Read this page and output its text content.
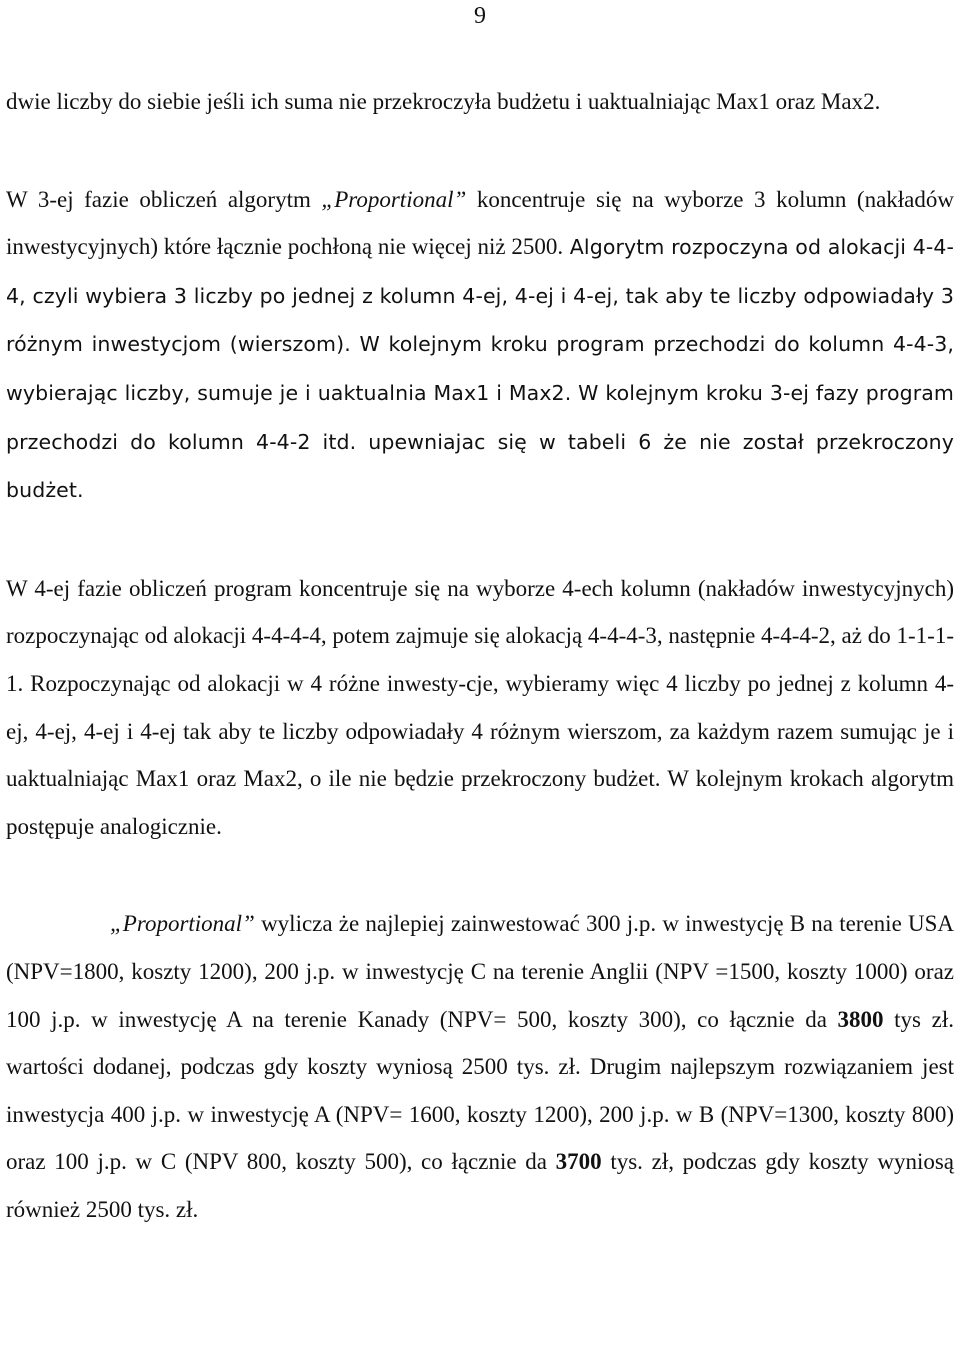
9

dwie liczby do siebie jeśli ich suma nie przekroczyła budżetu i uaktualniając Max1 oraz Max2.

W 3-ej fazie obliczeń algorytm „Proportional” koncentruje się na wyborze 3 kolumn (nakładów inwestycyjnych) które łącznie pochłoną nie więcej niż 2500. Algorytm rozpoczyna od alokacji 4-4-4, czyli wybiera 3 liczby po jednej z kolumn 4-ej, 4-ej i 4-ej, tak aby te liczby odpowiadały 3 różnym inwestycjom (wierszom). W kolejnym kroku program przechodzi do kolumn 4-4-3, wybierając liczby, sumuje je i uaktualnia Max1 i Max2. W kolejnym kroku 3-ej fazy program przechodzi do kolumn 4-4-2 itd. upewniajac się w tabeli 6 że nie został przekroczony budżet.

W 4-ej fazie obliczeń program koncentruje się na wyborze 4-ech kolumn (nakładów inwestycyjnych) rozpoczynając od alokacji 4-4-4-4, potem zajmuje się alokacją 4-4-4-3, następnie 4-4-4-2, aż do 1-1-1-1. Rozpoczynając od alokacji w 4 różne inwesty-cje, wybieramy więc 4 liczby po jednej z kolumn 4-ej, 4-ej, 4-ej i 4-ej tak aby te liczby odpowiadały 4 różnym wierszom, za każdym razem sumując je i uaktualniając Max1 oraz Max2, o ile nie będzie przekroczony budżet. W kolejnym krokach algorytm postępuje analogicznie.

„Proportional” wylicza że najlepiej zainwestować 300 j.p. w inwestycję B na terenie USA (NPV=1800, koszty 1200), 200 j.p. w inwestycję C na terenie Anglii (NPV =1500, koszty 1000) oraz 100 j.p. w inwestycję A na terenie Kanady (NPV= 500, koszty 300), co łącznie da 3800 tys zł. wartości dodanej, podczas gdy koszty wyniosą 2500 tys. zł. Drugim najlepszym rozwiązaniem jest inwestycja 400 j.p. w inwestycję A (NPV= 1600, koszty 1200), 200 j.p. w B (NPV=1300, koszty 800) oraz 100 j.p. w C (NPV 800, koszty 500), co łącznie da 3700 tys. zł, podczas gdy koszty wyniosą również 2500 tys. zł.
